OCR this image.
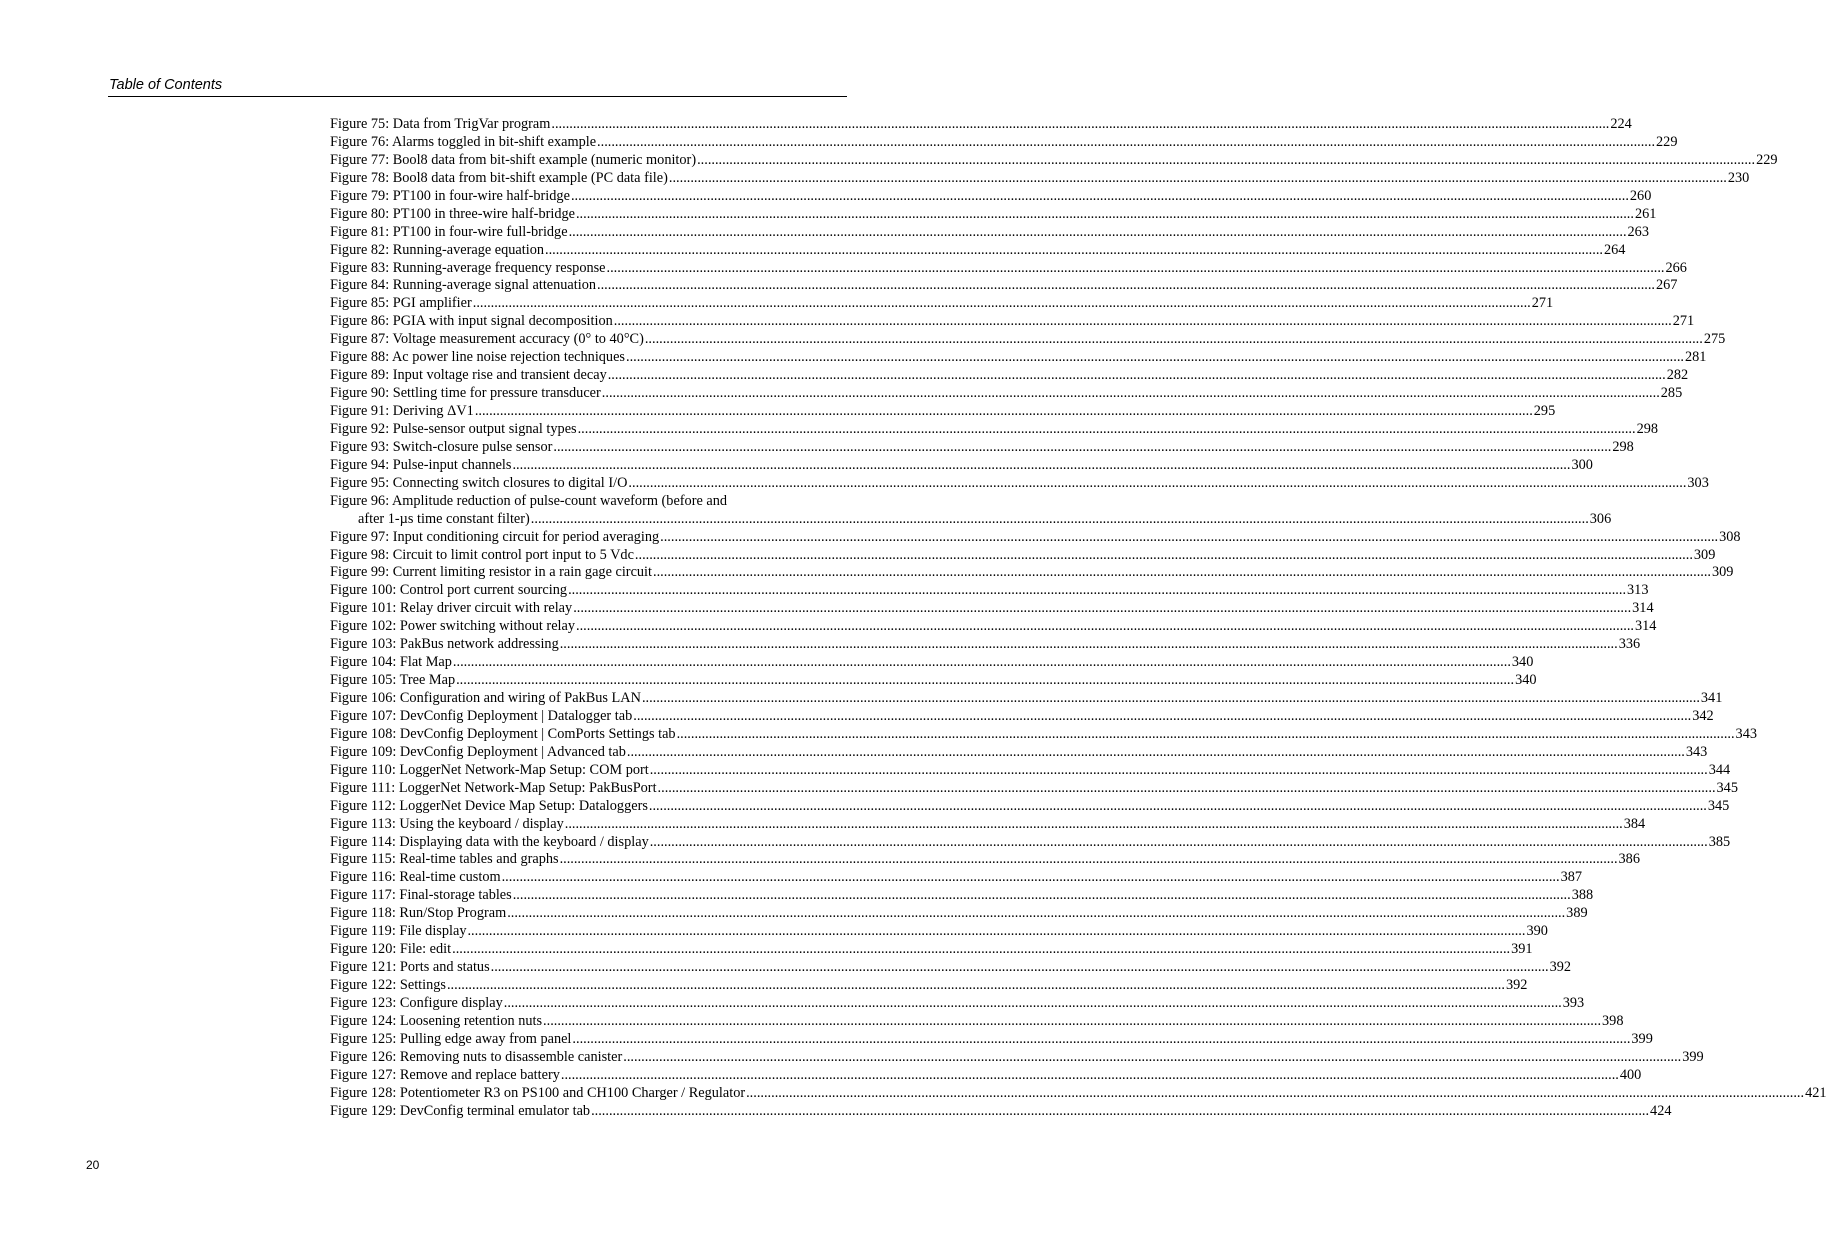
Table of Contents
Figure 75: Data from TrigVar program .....	224
Figure 76: Alarms toggled in bit-shift example .....	229
Figure 77: Bool8 data from bit-shift example (numeric monitor) .....	229
Figure 78: Bool8 data from bit-shift example (PC data file) .....	230
Figure 79: PT100 in four-wire half-bridge .....	260
Figure 80: PT100 in three-wire half-bridge .....	261
Figure 81: PT100 in four-wire full-bridge .....	263
Figure 82: Running-average equation .....	264
Figure 83: Running-average frequency response .....	266
Figure 84: Running-average signal attenuation .....	267
Figure 85: PGI amplifier .....	271
Figure 86: PGIA with input signal decomposition .....	271
Figure 87: Voltage measurement accuracy (0° to 40°C) .....	275
Figure 88: Ac power line noise rejection techniques .....	281
Figure 89: Input voltage rise and transient decay .....	282
Figure 90: Settling time for pressure transducer .....	285
Figure 91: Deriving ΔV1 .....	295
Figure 92: Pulse-sensor output signal types .....	298
Figure 93: Switch-closure pulse sensor .....	298
Figure 94: Pulse-input channels .....	300
Figure 95: Connecting switch closures to digital I/O .....	303
Figure 96: Amplitude reduction of pulse-count waveform (before and
after 1-µs time constant filter) .....	306
Figure 97: Input conditioning circuit for period averaging .....	308
Figure 98: Circuit to limit control port input to 5 Vdc .....	309
Figure 99: Current limiting resistor in a rain gage circuit .....	309
Figure 100: Control port current sourcing .....	313
Figure 101: Relay driver circuit with relay .....	314
Figure 102: Power switching without relay .....	314
Figure 103: PakBus network addressing .....	336
Figure 104: Flat Map .....	340
Figure 105: Tree Map .....	340
Figure 106: Configuration and wiring of PakBus LAN .....	341
Figure 107: DevConfig Deployment | Datalogger tab .....	342
Figure 108: DevConfig Deployment | ComPorts Settings tab .....	343
Figure 109: DevConfig Deployment | Advanced tab .....	343
Figure 110: LoggerNet Network-Map Setup: COM port .....	344
Figure 111: LoggerNet Network-Map Setup: PakBusPort .....	345
Figure 112: LoggerNet Device Map Setup: Dataloggers .....	345
Figure 113: Using the keyboard / display .....	384
Figure 114: Displaying data with the keyboard / display .....	385
Figure 115: Real-time tables and graphs .....	386
Figure 116: Real-time custom .....	387
Figure 117: Final-storage tables .....	388
Figure 118: Run/Stop Program .....	389
Figure 119: File display .....	390
Figure 120: File: edit .....	391
Figure 121: Ports and status .....	392
Figure 122: Settings .....	392
Figure 123: Configure display .....	393
Figure 124: Loosening retention nuts .....	398
Figure 125: Pulling edge away from panel .....	399
Figure 126: Removing nuts to disassemble canister .....	399
Figure 127: Remove and replace battery .....	400
Figure 128: Potentiometer R3 on PS100 and CH100 Charger / Regulator .....	421
Figure 129: DevConfig terminal emulator tab .....	424
20
